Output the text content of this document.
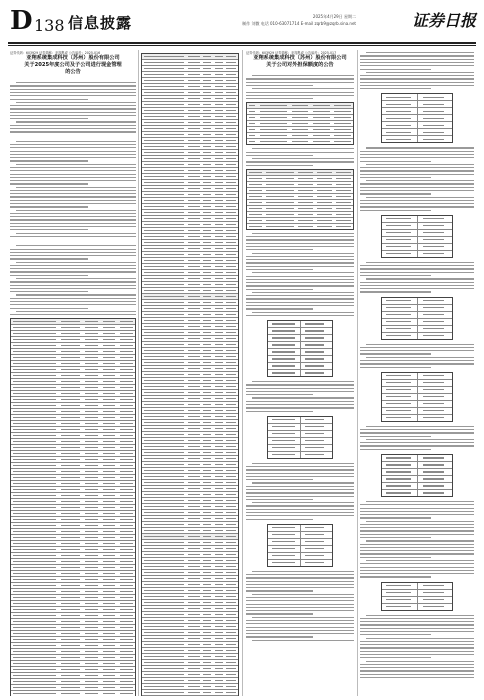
D 138 信息披露	2025年4月29日 星期二
制作 刘微 电话 010-63071714 E-mail zqrb9@zqrb.sina.net	证券日报
证券代码：603929 证券简称：亚翔集成 公告编号：2025-016
亚翔系统集成科技（苏州）股份有限公司
关于2025年度公司及子公司进行现金管理
的公告
证券代码：603929 证券简称：亚翔集成 公告编号：2025-017
亚翔系统集成科技（苏州）股份有限公司
关于公司对外担保额度的公告
